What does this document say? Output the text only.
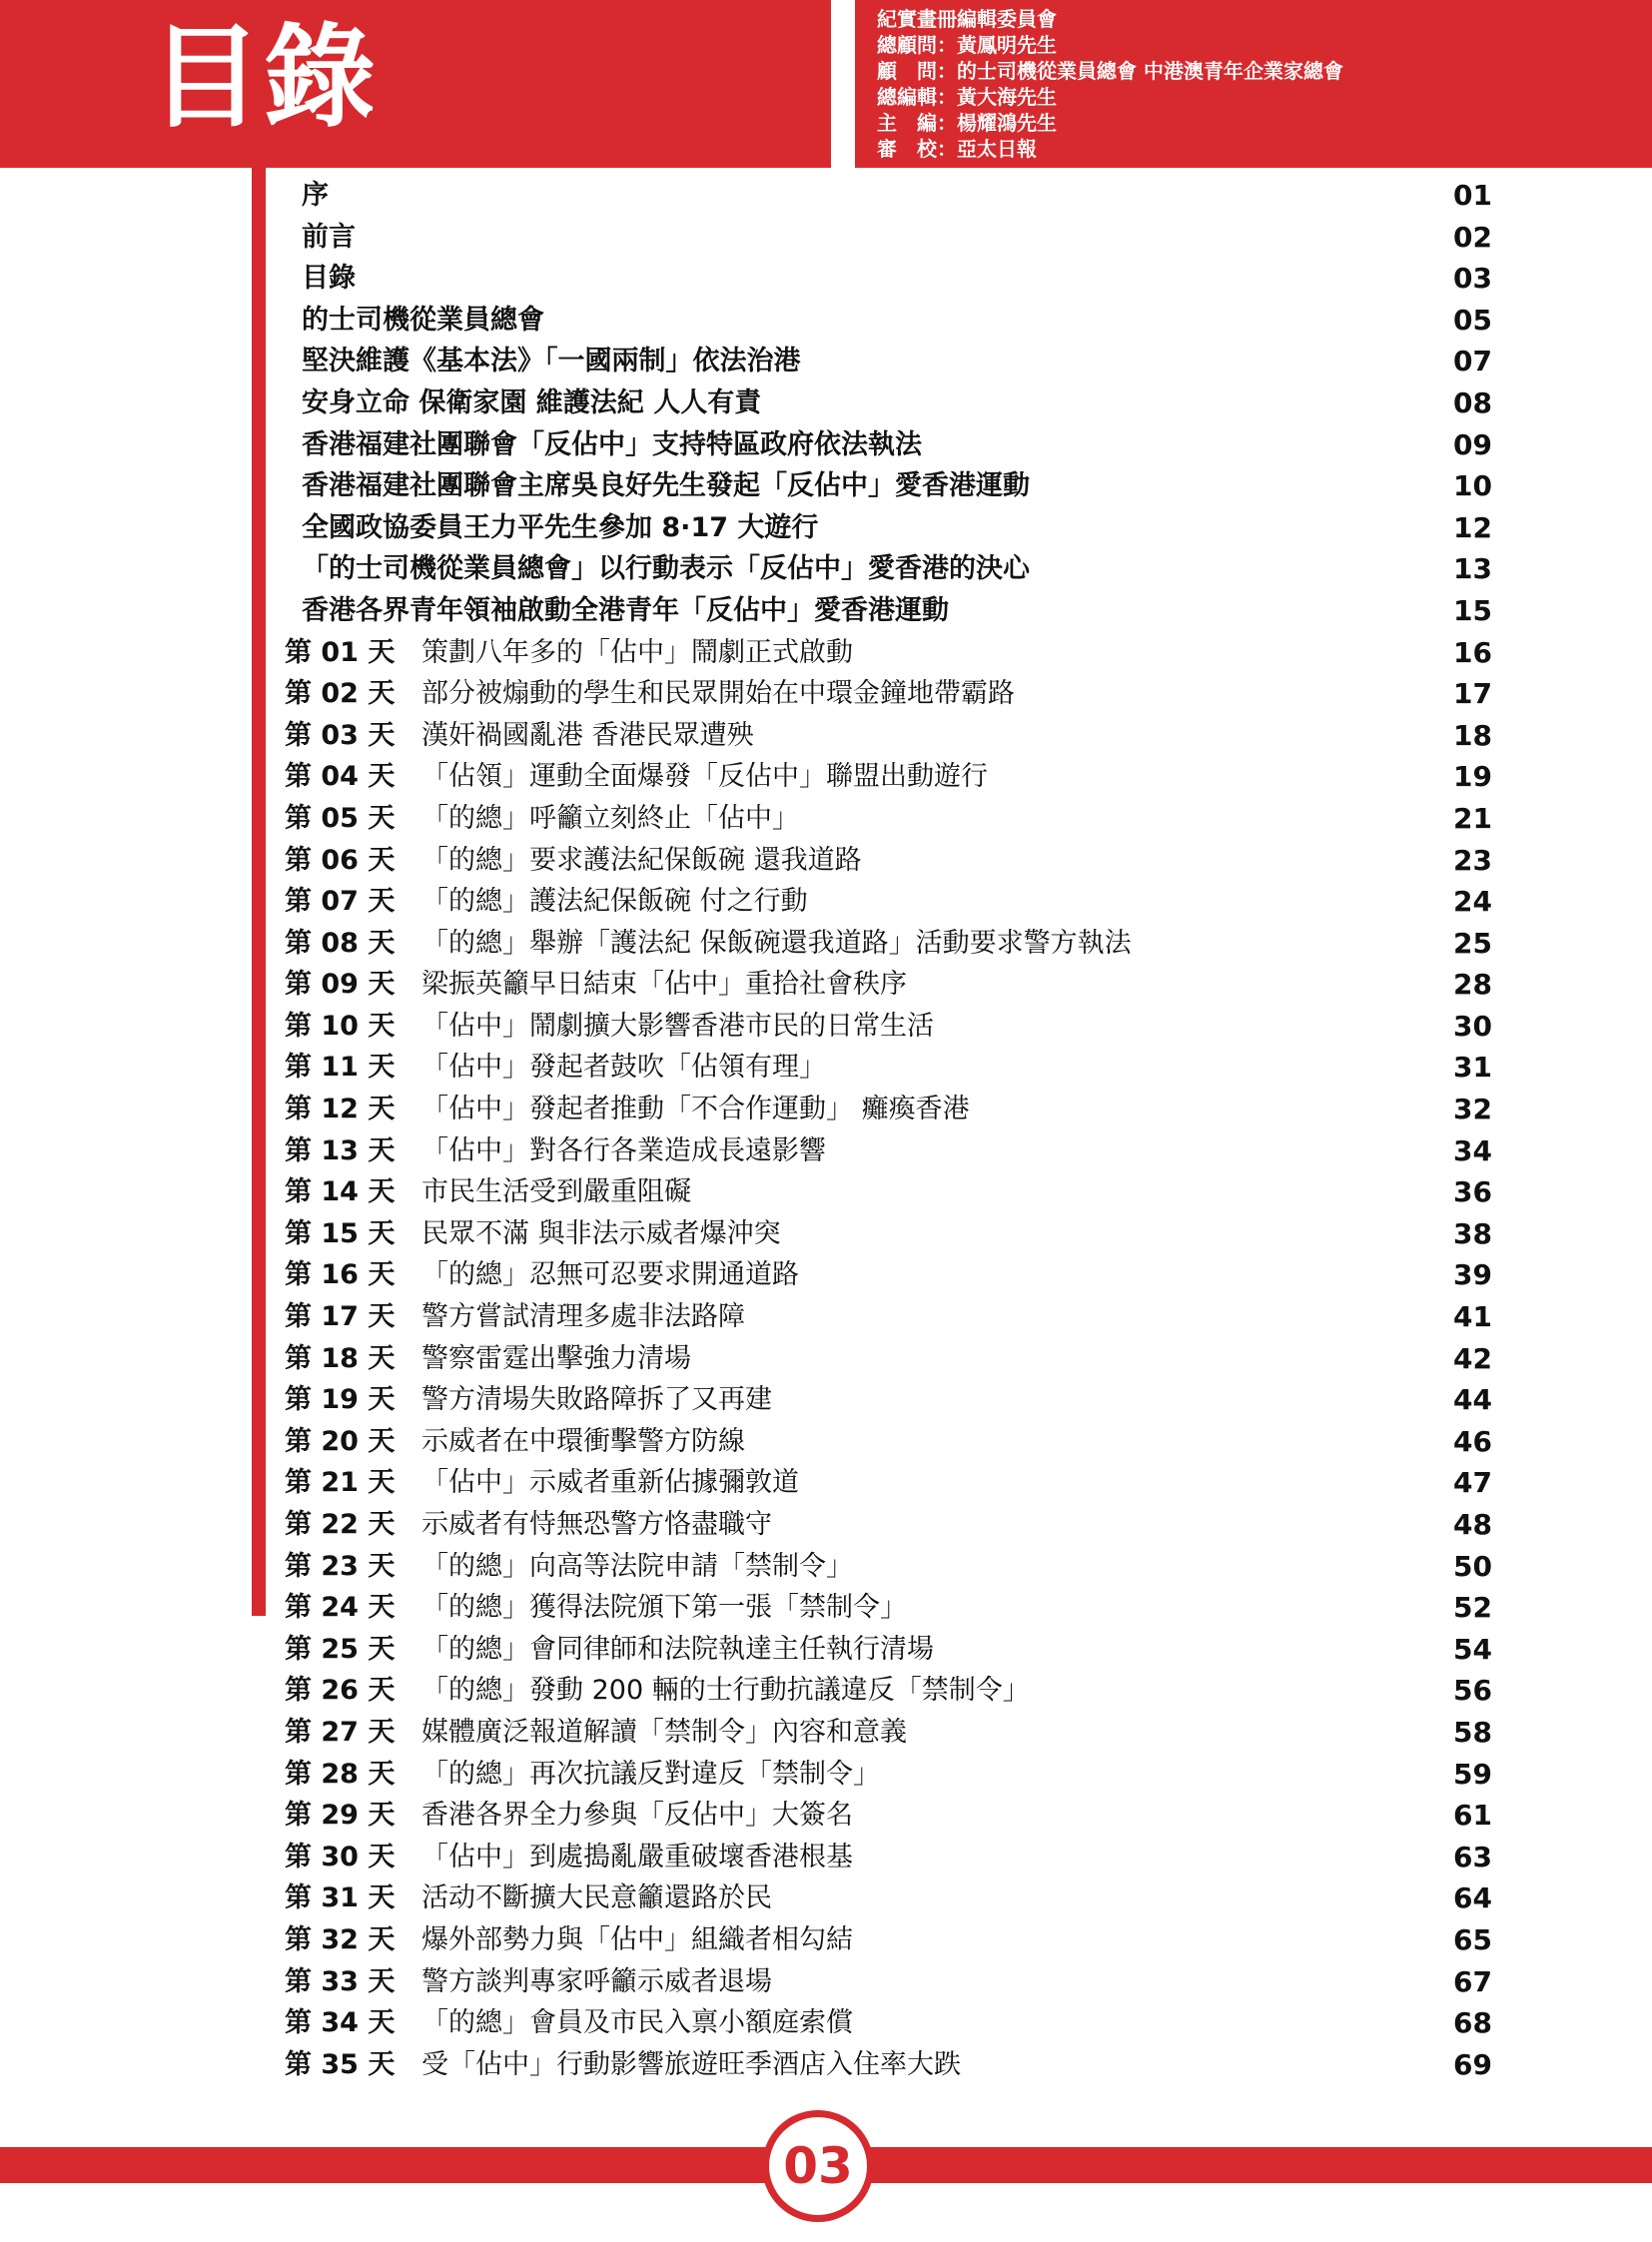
目錄	紀實畫冊編輯委員會
總顧問：黃鳳明先生
顧　問：的士司機從業員總會 中港澳青年企業家總會
總編輯：黃大海先生
主　編：楊耀鴻先生
審　校：亞太日報
序	01
前言	02
目錄	03
的士司機從業員總會	05
堅決維護《基本法》「一國兩制」依法治港	07
安身立命 保衛家園 維護法紀 人人有責	08
香港福建社團聯會「反佔中」支持特區政府依法執法	09
香港福建社團聯會主席吳良好先生發起「反佔中」愛香港運動	10
全國政協委員王力平先生參加 8·17 大遊行	12
「的士司機從業員總會」以行動表示「反佔中」愛香港的決心	13
香港各界青年領袖啟動全港青年「反佔中」愛香港運動	15
第 01 天 策劃八年多的「佔中」鬧劇正式啟動	16
第 02 天 部分被煽動的學生和民眾開始在中環金鐘地帶霸路	17
第 03 天 漢奸禍國亂港 香港民眾遭殃	18
第 04 天 「佔領」運動全面爆發「反佔中」聯盟出動遊行	19
第 05 天 「的總」呼籲立刻終止「佔中」	21
第 06 天 「的總」要求護法紀保飯碗 還我道路	23
第 07 天 「的總」護法紀保飯碗 付之行動	24
第 08 天 「的總」舉辦「護法紀 保飯碗還我道路」活動要求警方執法	25
第 09 天 梁振英籲早日結束「佔中」重拾社會秩序	28
第 10 天 「佔中」鬧劇擴大影響香港市民的日常生活	30
第 11 天 「佔中」發起者鼓吹「佔領有理」	31
第 12 天 「佔中」發起者推動「不合作運動」 癱瘓香港	32
第 13 天 「佔中」對各行各業造成長遠影響	34
第 14 天 市民生活受到嚴重阻礙	36
第 15 天 民眾不滿 與非法示威者爆沖突	38
第 16 天 「的總」忍無可忍要求開通道路	39
第 17 天 警方嘗試清理多處非法路障	41
第 18 天 警察雷霆出擊強力清場	42
第 19 天 警方清場失敗路障拆了又再建	44
第 20 天 示威者在中環衝擊警方防線	46
第 21 天 「佔中」示威者重新佔據彌敦道	47
第 22 天 示威者有恃無恐警方恪盡職守	48
第 23 天 「的總」向高等法院申請「禁制令」	50
第 24 天 「的總」獲得法院頒下第一張「禁制令」	52
第 25 天 「的總」會同律師和法院執達主任執行清場	54
第 26 天 「的總」發動 200 輛的士行動抗議違反「禁制令」	56
第 27 天 媒體廣泛報道解讀「禁制令」內容和意義	58
第 28 天 「的總」再次抗議反對違反「禁制令」	59
第 29 天 香港各界全力參與「反佔中」大簽名	61
第 30 天 「佔中」到處搗亂嚴重破壞香港根基	63
第 31 天 活动不斷擴大民意籲還路於民	64
第 32 天 爆外部勢力與「佔中」組織者相勾結	65
第 33 天 警方談判專家呼籲示威者退場	67
第 34 天 「的總」會員及市民入禀小額庭索償	68
第 35 天 受「佔中」行動影響旅遊旺季酒店入住率大跌	69
03
